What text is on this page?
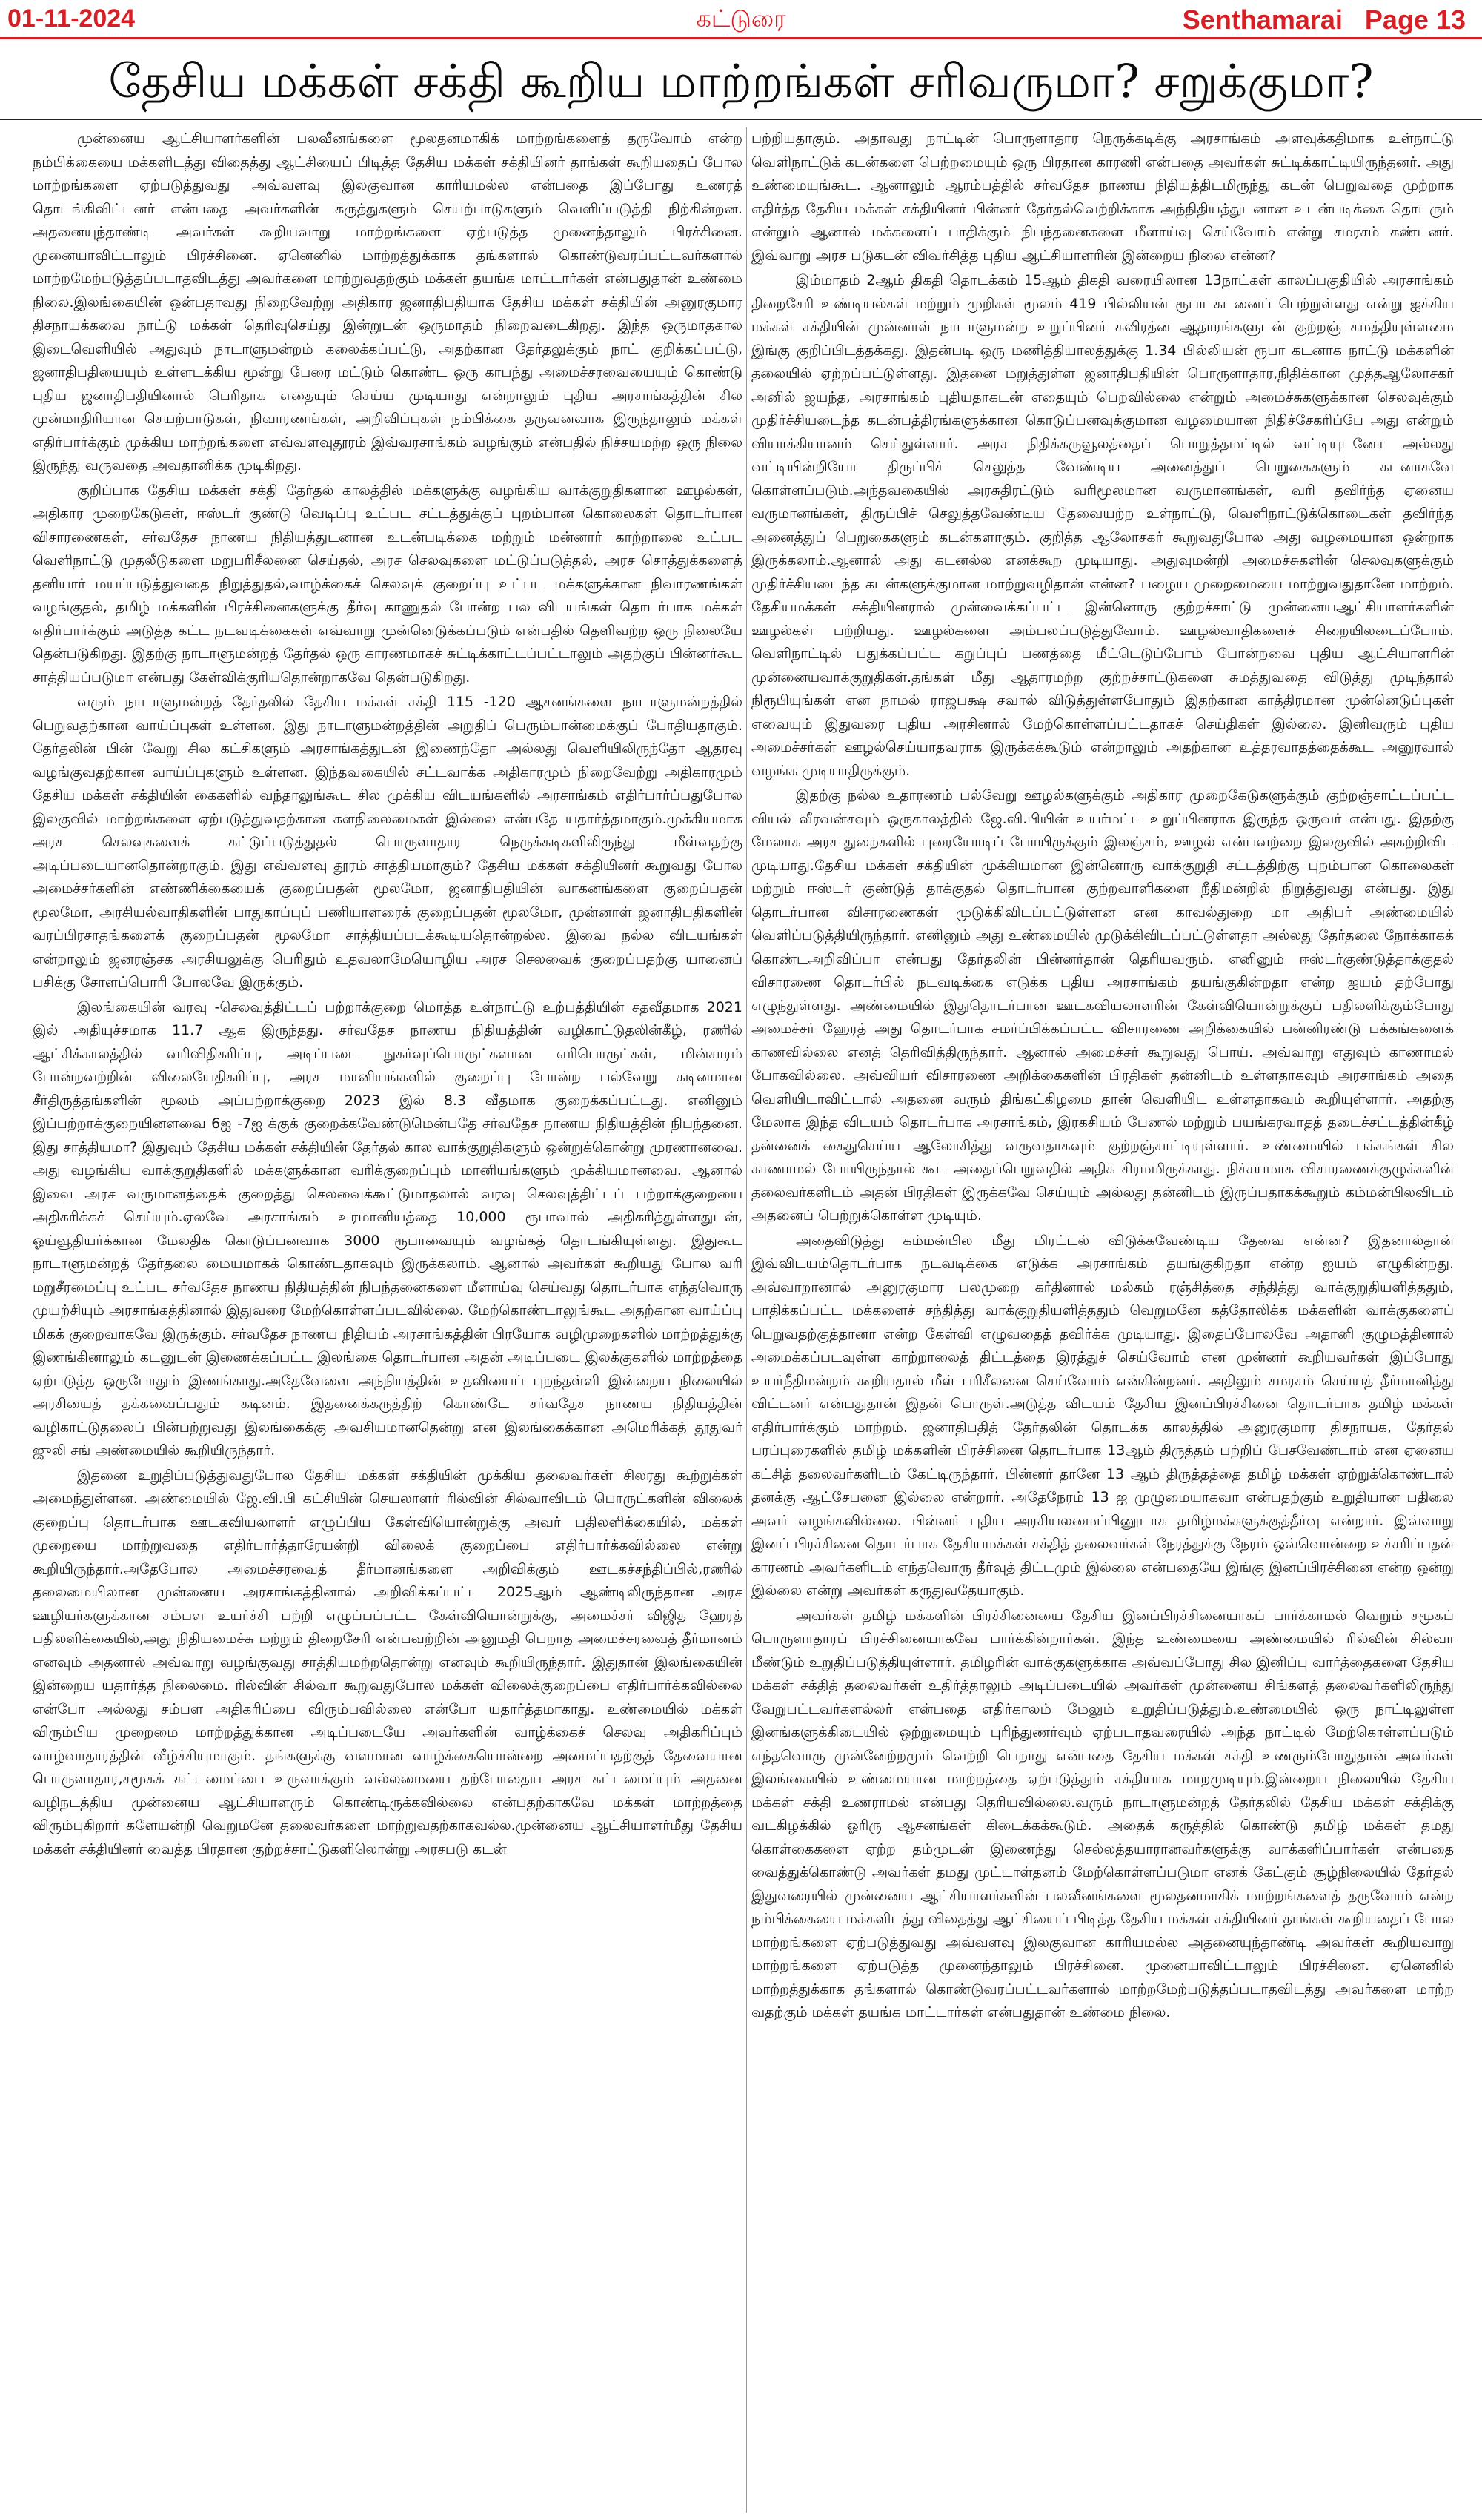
01-11-2024	கட்டுரை	Senthamarai Page 13
தேசிய மக்கள் சக்தி கூறிய மாற்றங்கள் சரிவருமா? சறுக்குமா?

முன்னைய ஆட்சியாளர்களின் பலவீனங்களை மூலதனமாகிக் மாற்றங்களைத் தருவோம் என்ற நம்பிக்கையை மக்களிடத்து விதைத்து ஆட்சியைப் பிடித்த தேசிய மக்கள் சக்தியினர் தாங்கள் கூறியதைப் போல மாற்றங்களை ஏற்படுத்துவது அவ்வளவு இலகுவான காரியமல்ல என்பதை இப்போது உணரத் தொடங்கிவிட்டனர் என்பதை அவர்களின் கருத்துகளும் செயற்பாடுகளும் வெளிப்படுத்தி நிற்கின்றன. அதனையுந்தாண்டி அவர்கள் கூறியவாறு மாற்றங்களை ஏற்படுத்த முனைந்தாலும் பிரச்சினை. முனையாவிட்டாலும் பிரச்சினை. ஏனெனில் மாற்றத்துக்காக தங்களால் கொண்டுவரப்பட்டவர்களால் மாற்றமேற்படுத்தப்படாதவிடத்து அவர்களை மாற்றுவதற்கும் மக்கள் தயங்க மாட்டார்கள் என்பதுதான் உண்மை நிலை.இலங்கையின் ஒன்பதாவது நிறைவேற்று அதிகார ஜனாதிபதியாக தேசிய மக்கள் சக்தியின் அனுரகுமார திசநாயக்கவை நாட்டு மக்கள் தெரிவுசெய்து இன்றுடன் ஒருமாதம் நிறைவடைகிறது. இந்த ஒருமாதகால இடைவெளியில் அதுவும் நாடாளுமன்றம் கலைக்கப்பட்டு, அதற்கான தேர்தலுக்கும் நாட் குறிக்கப்பட்டு, ஜனாதிபதியையும் உள்ளடக்கிய மூன்று பேரை மட்டும் கொண்ட ஒரு காபந்து அமைச்சரவையையும் கொண்டு புதிய ஜனாதிபதியினால் பெரிதாக எதையும் செய்ய முடியாது என்றாலும் புதிய அரசாங்கத்தின் சில முன்மாதிரியான செயற்பாடுகள், நிவாரணங்கள், அறிவிப்புகள் நம்பிக்கை தருவனவாக இருந்தாலும் மக்கள் எதிர்பார்க்கும் முக்கிய மாற்றங்களை எவ்வளவுதூரம் இவ்வரசாங்கம் வழங்கும் என்பதில் நிச்சயமற்ற ஒரு நிலை இருந்து வருவதை அவதானிக்க முடிகிறது.

குறிப்பாக தேசிய மக்கள் சக்தி தேர்தல் காலத்தில் மக்களுக்கு வழங்கிய வாக்குறுதிகளான ஊழல்கள், அதிகார முறைகேடுகள், ஈஸ்டர் குண்டு வெடிப்பு உட்பட சட்டத்துக்குப் புறம்பான கொலைகள் தொடர்பான விசாரணைகள், சர்வதேச நாணய நிதியத்துடனான உடன்படிக்கை மற்றும் மன்னார் காற்றாலை உட்பட வெளிநாட்டு முதலீடுகளை மறுபரிசீலனை செய்தல், அரச செலவுகளை மட்டுப்படுத்தல், அரச சொத்துக்களைத் தனியார் மயப்படுத்துவதை நிறுத்துதல்,வாழ்க்கைச் செலவுக் குறைப்பு உட்பட மக்களுக்கான நிவாரணங்கள் வழங்குதல், தமிழ் மக்களின் பிரச்சினைகளுக்கு தீர்வு காணுதல் போன்ற பல விடயங்கள் தொடர்பாக மக்கள் எதிர்பார்க்கும் அடுத்த கட்ட நடவடிக்கைகள் எவ்வாறு முன்னெடுக்கப்படும் என்பதில் தெளிவற்ற ஒரு நிலையே தென்படுகிறது. இதற்கு நாடாளுமன்றத் தேர்தல் ஒரு காரணமாகச் சுட்டிக்காட்டப்பட்டாலும் அதற்குப் பின்னர்கூட சாத்தியப்படுமா என்பது கேள்விக்குரியதொன்றாகவே தென்படுகிறது.

வரும் நாடாளுமன்றத் தேர்தலில் தேசிய மக்கள் சக்தி 115 -120 ஆசனங்களை நாடாளுமன்றத்தில் பெறுவதற்கான வாய்ப்புகள் உள்ளன. இது நாடாளுமன்றத்தின் அறுதிப் பெரும்பான்மைக்குப் போதியதாகும். தேர்தலின் பின் வேறு சில கட்சிகளும் அரசாங்கத்துடன் இணைந்தோ அல்லது வெளியிலிருந்தோ ஆதரவு வழங்குவதற்கான வாய்ப்புகளும் உள்ளன. இந்தவகையில் சட்டவாக்க அதிகாரமும் நிறைவேற்று அதிகாரமும் தேசிய மக்கள் சக்தியின் கைகளில் வந்தாலுங்கூட சில முக்கிய விடயங்களில் அரசாங்கம் எதிர்பார்ப்பதுபோல இலகுவில் மாற்றங்களை ஏற்படுத்துவதற்கான களநிலைமைகள் இல்லை என்பதே யதார்த்தமாகும்.முக்கியமாக அரச செலவுகளைக் கட்டுப்படுத்துதல் பொருளாதார நெருக்கடிகளிலிருந்து மீள்வதற்கு அடிப்படையானதொன்றாகும். இது எவ்வளவு தூரம் சாத்தியமாகும்? தேசிய மக்கள் சக்தியினர் கூறுவது போல அமைச்சர்களின் எண்ணிக்கையைக் குறைப்பதன் மூலமோ, ஜனாதிபதியின் வாகனங்களை குறைப்பதன் மூலமோ, அரசியல்வாதிகளின் பாதுகாப்புப் பணியாளரைக் குறைப்பதன் மூலமோ, முன்னாள் ஜனாதிபதிகளின் வரப்பிரசாதங்களைக் குறைப்பதன் மூலமோ சாத்தியப்படக்கூடியதொன்றல்ல. இவை நல்ல விடயங்கள் என்றாலும் ஜனரஞ்சக அரசியலுக்கு பெரிதும் உதவலாமேயொழிய அரச செலவைக் குறைப்பதற்கு யானைப் பசிக்கு சோளப்பொரி போலவே இருக்கும்.

இலங்கையின் வரவு -செலவுத்திட்டப் பற்றாக்குறை மொத்த உள்நாட்டு உற்பத்தியின் சதவீதமாக 2021 இல் அதியுச்சமாக 11.7 ஆக இருந்தது. சர்வதேச நாணய நிதியத்தின் வழிகாட்டுதலின்கீழ், ரணில் ஆட்சிக்காலத்தில் வரிவிதிகரிப்பு, அடிப்படை நுகர்வுப்பொருட்களான எரிபொருட்கள், மின்சாரம் போன்றவற்றின் விலையேதிகரிப்பு, அரச மானியங்களில் குறைப்பு போன்ற பல்வேறு கடினமான சீர்திருத்தங்களின் மூலம் அப்பற்றாக்குறை 2023 இல் 8.3 வீதமாக குறைக்கப்பட்டது. எனினும் இப்பற்றாக்குறையினளவை 6ஐ -7ஐ க்குக் குறைக்கவேண்டுமென்பதே சர்வதேச நாணய நிதியத்தின் நிபந்தனை. இது சாத்தியமா? இதுவும் தேசிய மக்கள் சக்தியின் தேர்தல் கால வாக்குறுதிகளும் ஒன்றுக்கொன்று முரணானவை. அது வழங்கிய வாக்குறுதிகளில் மக்களுக்கான வரிக்குறைப்பும் மானியங்களும் முக்கியமானவை. ஆனால் இவை அரச வருமானத்தைக் குறைத்து செலவைக்கூட்டுமாதலால் வரவு செலவுத்திட்டப் பற்றாக்குறையை அதிகரிக்கச் செய்யும்.ஏலவே அரசாங்கம் உரமானியத்தை 10,000 ரூபாவால் அதிகரித்துள்ளதுடன், ஓய்வூதியர்க்கான மேலதிக கொடுப்பனவாக 3000 ரூபாவையும் வழங்கத் தொடங்கியுள்ளது. இதுகூட நாடாளுமன்றத் தேர்தலை மையமாகக் கொண்டதாகவும் இருக்கலாம். ஆனால் அவர்கள் கூறியது போல வரி மறுசீரமைப்பு உட்பட சர்வதேச நாணய நிதியத்தின் நிபந்தனைகளை மீளாய்வு செய்வது தொடர்பாக எந்தவொரு முயற்சியும் அரசாங்கத்தினால் இதுவரை மேற்கொள்ளப்படவில்லை. மேற்கொண்டாலுங்கூட அதற்கான வாய்ப்பு மிகக் குறைவாகவே இருக்கும். சர்வதேச நாணய நிதியம் அரசாங்கத்தின் பிரயோக வழிமுறைகளில் மாற்றத்துக்கு இணங்கினாலும் கடனுடன் இணைக்கப்பட்ட இலங்கை தொடர்பான அதன் அடிப்படை இலக்குகளில் மாற்றத்தை ஏற்படுத்த ஒருபோதும் இணங்காது.அதேவேளை அந்நியத்தின் உதவியைப் புறந்தள்ளி இன்றைய நிலையில் அரசியைத் தக்கவைப்பதும் கடினம். இதனைக்கருத்திற் கொண்டே சர்வதேச நாணய நிதியத்தின் வழிகாட்டுதலைப் பின்பற்றுவது இலங்கைக்கு அவசியமானதென்று என இலங்கைக்கான அமெரிக்கத் தூதுவர் ஜுலி சங் அண்மையில் கூறியிருந்தார்.

இதனை உறுதிப்படுத்துவதுபோல தேசிய மக்கள் சக்தியின் முக்கிய தலைவர்கள் சிலரது கூற்றுக்கள் அமைந்துள்ளன. அண்மையில் ஜே.வி.பி கட்சியின் செயலாளர் ரில்வின் சில்வாவிடம் பொருட்களின் விலைக் குறைப்பு தொடர்பாக ஊடகவியலாளர் எழுப்பிய கேள்வியொன்றுக்கு அவர் பதிலளிக்கையில், மக்கள் முறையை மாற்றுவதை எதிர்பார்த்தாரேயன்றி விலைக் குறைப்பை எதிர்பார்க்கவில்லை என்று கூறியிருந்தார்.அதேபோல அமைச்சரவைத் தீர்மானங்களை அறிவிக்கும் ஊடகச்சந்திப்பில்,ரணில் தலைமையிலான முன்னைய அரசாங்கத்தினால் அறிவிக்கப்பட்ட 2025ஆம் ஆண்டிலிருந்தான அரச ஊழியர்களுக்கான சம்பள உயர்ச்சி பற்றி எழுப்பப்பட்ட கேள்வியொன்றுக்கு, அமைச்சர் விஜித ஹேரத் பதிலளிக்கையில்,அது நிதியமைச்சு மற்றும் திறைசேரி என்பவற்றின் அனுமதி பெறாத அமைச்சரவைத் தீர்மானம் எனவும் அதனால் அவ்வாறு வழங்குவது சாத்தியமற்றதொன்று எனவும் கூறியிருந்தார். இதுதான் இலங்கையின் இன்றைய யதார்த்த நிலைமை. ரில்வின் சில்வா கூறுவதுபோல மக்கள் விலைக்குறைப்பை எதிர்பார்க்கவில்லை என்போ அல்லது சம்பள அதிகரிப்பை விரும்பவில்லை என்போ யதார்த்தமாகாது. உண்மையில் மக்கள் விரும்பிய முறைமை மாற்றத்துக்கான அடிப்படையே அவர்களின் வாழ்க்கைச் செலவு அதிகரிப்பும் வாழ்வாதாரத்தின் வீழ்ச்சியுமாகும். தங்களுக்கு வளமான வாழ்க்கையொன்றை அமைப்பதற்குத் தேவையான பொருளாதார,சமூகக் கட்டமைப்பை உருவாக்கும் வல்லமையை தற்போதைய அரச கட்டமைப்பும் அதனை வழிநடத்திய முன்னைய ஆட்சியாளரும் கொண்டிருக்கவில்லை என்பதற்காகவே மக்கள் மாற்றத்தை விரும்புகிறார் களேயன்றி வெறுமனே தலைவர்களை மாற்றுவதற்காகவல்ல.முன்னைய ஆட்சியாளர்மீது தேசிய மக்கள் சக்தியினர் வைத்த பிரதான குற்றச்சாட்டுகளிலொன்று அரசபடு கடன்

பற்றியதாகும். அதாவது நாட்டின் பொருளாதார நெருக்கடிக்கு அரசாங்கம் அளவுக்கதிமாக உள்நாட்டு வெளிநாட்டுக் கடன்களை பெற்றமையும் ஒரு பிரதான காரணி என்பதை அவர்கள் சுட்டிக்காட்டியிருந்தனர். அது உண்மையுங்கூட. ஆனாலும் ஆரம்பத்தில் சர்வதேச நாணய நிதியத்திடமிருந்து கடன் பெறுவதை முற்றாக எதிர்த்த தேசிய மக்கள் சக்தியினர் பின்னர் தேர்தல்வெற்றிக்காக அந்நிதியத்துடனான உடன்படிக்கை தொடரும் என்றும் ஆனால் மக்களைப் பாதிக்கும் நிபந்தனைகளை மீளாய்வு செய்வோம் என்று சமரசம் கண்டனர். இவ்வாறு அரச படுகடன் விவர்சித்த புதிய ஆட்சியாளரின் இன்றைய நிலை என்ன?

இம்மாதம் 2ஆம் திகதி தொடக்கம் 15ஆம் திகதி வரையிலான 13நாட்கள் காலப்பகுதியில் அரசாங்கம் திறைசேரி உண்டியல்கள் மற்றும் முறிகள் மூலம் 419 பில்லியன் ரூபா கடனைப் பெற்றுள்ளது என்று ஐக்கிய மக்கள் சக்தியின் முன்னாள் நாடாளுமன்ற உறுப்பினர் கவிரத்ன ஆதாரங்களுடன் குற்றஞ் சுமத்தியுள்ளமை இங்கு குறிப்பிடத்தக்கது. இதன்படி ஒரு மணித்தியாலத்துக்கு 1.34 பில்லியன் ரூபா கடனாக நாட்டு மக்களின் தலையில் ஏற்றப்பட்டுள்ளது. இதனை மறுத்துள்ள ஜனாதிபதியின் பொருளாதார,நிதிக்கான முத்தஆலோசகர் அனில் ஜயந்த, அரசாங்கம் புதியதாகடன் எதையும் பெறவில்லை என்றும் அமைச்சுகளுக்கான செலவுக்கும் முதிர்ச்சியடைந்த கடன்பத்திரங்களுக்கான கொடுப்பனவுக்குமான வழமையான நிதிச்சேகரிப்பே அது என்றும் வியாக்கியானம் செய்துள்ளார். அரச நிதிக்கருவூலத்தைப் பொறுத்தமட்டில் வட்டியுடனோ அல்லது வட்டியின்றியோ திருப்பிச் செலுத்த வேண்டிய அனைத்துப் பெறுகைகளும் கடனாகவே கொள்ளப்படும்.அந்தவகையில் அரசுதிரட்டும் வரிமூலமான வருமானங்கள், வரி தவிர்ந்த ஏனைய வருமானங்கள், திருப்பிச் செலுத்தவேண்டிய தேவையற்ற உள்நாட்டு, வெளிநாட்டுக்கொடைகள் தவிர்ந்த அனைத்துப் பெறுகைகளும் கடன்களாகும். குறித்த ஆலோசகர் கூறுவதுபோல அது வழமையான ஒன்றாக இருக்கலாம்.ஆனால் அது கடனல்ல எனக்கூற முடியாது. அதுவுமன்றி அமைச்சுகளின் செலவுகளுக்கும் முதிர்ச்சியடைந்த கடன்களுக்குமான மாற்றுவழிதான் என்ன? பழைய முறைமையை மாற்றுவதுதானே மாற்றம். தேசியமக்கள் சக்தியினரால் முன்வைக்கப்பட்ட இன்னொரு குற்றச்சாட்டு முன்னையஆட்சியாளர்களின் ஊழல்கள் பற்றியது. ஊழல்களை அம்பலப்படுத்துவோம். ஊழல்வாதிகளைச் சிறையிலடைப்போம். வெளிநாட்டில் பதுக்கப்பட்ட கறுப்புப் பணத்தை மீட்டெடுப்போம் போன்றவை புதிய ஆட்சியாளரின் முன்னையவாக்குறுதிகள்.தங்கள் மீது ஆதாரமற்ற குற்றச்சாட்டுகளை சுமத்துவதை விடுத்து முடிந்தால் நிரூபியுங்கள் என நாமல் ராஜபக்ஷ சவால் விடுத்துள்ளபோதும் இதற்கான காத்திரமான முன்னெடுப்புகள் எவையும் இதுவரை புதிய அரசினால் மேற்கொள்ளப்பட்டதாகச் செய்திகள் இல்லை. இனிவரும் புதிய அமைச்சர்கள் ஊழல்செய்யாதவராக இருக்கக்கூடும் என்றாலும் அதற்கான உத்தரவாதத்தைக்கூட அனுரவால் வழங்க முடியாதிருக்கும்.

இதற்கு நல்ல உதாரணம் பல்வேறு ஊழல்களுக்கும் அதிகார முறைகேடுகளுக்கும் குற்றஞ்சாட்டப்பட்ட வியல் வீரவன்சவும் ஒருகாலத்தில் ஜே.வி.பியின் உயர்மட்ட உறுப்பினராக இருந்த ஒருவர் என்பது. இதற்கு மேலாக அரச துறைகளில் புரையோடிப் போயிருக்கும் இலஞ்சம், ஊழல் என்பவற்றை இலகுவில் அகற்றிவிட முடியாது.தேசிய மக்கள் சக்தியின் முக்கியமான இன்னொரு வாக்குறுதி சட்டத்திற்கு புறம்பான கொலைகள் மற்றும் ஈஸ்டர் குண்டுத் தாக்குதல் தொடர்பான குற்றவாளிகளை நீதிமன்றில் நிறுத்துவது என்பது. இது தொடர்பான விசாரணைகள் முடுக்கிவிடப்பட்டுள்ளன என காவல்துறை மா அதிபர் அண்மையில் வெளிப்படுத்தியிருந்தார். எனினும் அது உண்மையில் முடுக்கிவிடப்பட்டுள்ளதா அல்லது தேர்தலை நோக்காகக் கொண்டஅறிவிப்பா என்பது தேர்தலின் பின்னர்தான் தெரியவரும். எனினும் ஈஸ்டர்குண்டுத்தாக்குதல் விசாரணை தொடர்பில் நடவடிக்கை எடுக்க புதிய அரசாங்கம் தயங்குகின்றதா என்ற ஐயம் தற்போது எழுந்துள்ளது. அண்மையில் இதுதொடர்பான ஊடகவியலாளரின் கேள்வியொன்றுக்குப் பதிலளிக்கும்போது அமைச்சர் ஹேரத் அது தொடர்பாக சமர்ப்பிக்கப்பட்ட விசாரணை அறிக்கையில் பன்னிரண்டு பக்கங்களைக் காணவில்லை எனத் தெரிவித்திருந்தார். ஆனால் அமைச்சர் கூறுவது பொய். அவ்வாறு எதுவும் காணாமல் போகவில்லை. அவ்வியர் விசாரணை அறிக்கைகளின் பிரதிகள் தன்னிடம் உள்ளதாகவும் அரசாங்கம் அதை வெளியிடாவிட்டால் அதனை வரும் திங்கட்கிழமை தான் வெளியிட உள்ளதாகவும் கூறியுள்ளார். அதற்கு மேலாக இந்த விடயம் தொடர்பாக அரசாங்கம், இரகசியம் பேணல் மற்றும் பயங்கரவாதத் தடைச்சட்டத்தின்கீழ் தன்னைக் கைதுசெய்ய ஆலோசித்து வருவதாகவும் குற்றஞ்சாட்டியுள்ளார். உண்மையில் பக்கங்கள் சில காணாமல் போயிருந்தால் கூட அதைப்பெறுவதில் அதிக சிரமமிருக்காது. நிச்சயமாக விசாரணைக்குழுக்களின் தலைவர்களிடம் அதன் பிரதிகள் இருக்கவே செய்யும் அல்லது தன்னிடம் இருப்பதாகக்கூறும் கம்மன்பிலவிடம் அதனைப் பெற்றுக்கொள்ள முடியும்.

அதைவிடுத்து கம்மன்பில மீது மிரட்டல் விடுக்கவேண்டிய தேவை என்ன? இதனால்தான் இவ்விடயம்தொடர்பாக நடவடிக்கை எடுக்க அரசாங்கம் தயங்குகிறதா என்ற ஐயம் எழுகின்றது. அவ்வாறானால் அனுரகுமார பலமுறை கர்தினால் மல்கம் ரஞ்சித்தை சந்தித்து வாக்குறுதியளித்ததும், பாதிக்கப்பட்ட மக்களைச் சந்தித்து வாக்குறுதியளித்ததும் வெறுமனே கத்தோலிக்க மக்களின் வாக்குகளைப் பெறுவதற்குத்தானா என்ற கேள்வி எழுவதைத் தவிர்க்க முடியாது. இதைப்போலவே அதானி குழுமத்தினால் அமைக்கப்படவுள்ள காற்றாலைத் திட்டத்தை இரத்துச் செய்வோம் என முன்னர் கூறியவர்கள் இப்போது உயர்நீதிமன்றம் கூறியதால் மீள் பரிசீலனை செய்வோம் என்கின்றனர். அதிலும் சமரசம் செய்யத் தீர்மானித்து விட்டனர் என்பதுதான் இதன் பொருள்.அடுத்த விடயம் தேசிய இனப்பிரச்சினை தொடர்பாக தமிழ் மக்கள் எதிர்பார்க்கும் மாற்றம். ஜனாதிபதித் தேர்தலின் தொடக்க காலத்தில் அனுரகுமார திசநாயக, தேர்தல் பரப்புரைகளில் தமிழ் மக்களின் பிரச்சினை தொடர்பாக 13ஆம் திருத்தம் பற்றிப் பேசவேண்டாம் என ஏனைய கட்சித் தலைவர்களிடம் கேட்டிருந்தார். பின்னர் தானே 13 ஆம் திருத்தத்தை தமிழ் மக்கள் ஏற்றுக்கொண்டால் தனக்கு ஆட்சேபனை இல்லை என்றார். அதேநேரம் 13 ஐ முழுமையாகவா என்பதற்கும் உறுதியான பதிலை அவர் வழங்கவில்லை. பின்னர் புதிய அரசியலமைப்பினூடாக தமிழ்மக்களுக்குத்தீர்வு என்றார். இவ்வாறு இனப் பிரச்சினை தொடர்பாக தேசியமக்கள் சக்தித் தலைவர்கள் நேரத்துக்கு நேரம் ஒவ்வொன்றை உச்சரிப்பதன் காரணம் அவர்களிடம் எந்தவொரு தீர்வுத் திட்டமும் இல்லை என்பதையே இங்கு இனப்பிரச்சினை என்ற ஒன்று இல்லை என்று அவர்கள் கருதுவதேயாகும்.

அவர்கள் தமிழ் மக்களின் பிரச்சினையை தேசிய இனப்பிரச்சினையாகப் பார்க்காமல் வெறும் சமூகப் பொருளாதாரப் பிரச்சினையாகவே பார்க்கின்றார்கள். இந்த உண்மையை அண்மையில் ரில்வின் சில்வா மீண்டும் உறுதிப்படுத்தியுள்ளார். தமிழரின் வாக்குகளுக்காக அவ்வப்போது சில இனிப்பு வார்த்தைகளை தேசிய மக்கள் சக்தித் தலைவர்கள் உதிர்த்தாலும் அடிப்படையில் அவர்கள் முன்னைய சிங்களத் தலைவர்களிலிருந்து வேறுபட்டவர்களல்லர் என்பதை எதிர்காலம் மேலும் உறுதிப்படுத்தும்.உண்மையில் ஒரு நாட்டிலுள்ள இனங்களுக்கிடையில் ஒற்றுமையும் புரிந்துணர்வும் ஏற்படாதவரையில் அந்த நாட்டில் மேற்கொள்ளப்படும் எந்தவொரு முன்னேற்றமும் வெற்றி பெறாது என்பதை தேசிய மக்கள் சக்தி உணரும்போதுதான் அவர்கள் இலங்கையில் உண்மையான மாற்றத்தை ஏற்படுத்தும் சக்தியாக மாறமுடியும்.இன்றைய நிலையில் தேசிய மக்கள் சக்தி உணராமல் என்பது தெரியவில்லை.வரும் நாடாளுமன்றத் தேர்தலில் தேசிய மக்கள் சக்திக்கு வடகிழக்கில் ஓரிரு ஆசனங்கள் கிடைக்கக்கூடும். அதைக் கருத்தில் கொண்டு தமிழ் மக்கள் தமது கொள்கைகளை ஏற்ற தம்முடன் இணைந்து செல்லத்தயாரானவர்களுக்கு வாக்களிப்பார்கள் என்பதை வைத்துக்கொண்டு அவர்கள் தமது முட்டாள்தனம் மேற்கொள்ளப்படுமா எனக் கேட்கும் சூழ்நிலையில் தேர்தல் இதுவரையில் முன்னைய ஆட்சியாளர்களின் பலவீனங்களை மூலதனமாகிக் மாற்றங்களைத் தருவோம் என்ற நம்பிக்கையை மக்களிடத்து விதைத்து ஆட்சியைப் பிடித்த தேசிய மக்கள் சக்தியினர் தாங்கள் கூறியதைப் போல மாற்றங்களை ஏற்படுத்துவது அவ்வளவு இலகுவான காரியமல்ல அதனையுந்தாண்டி அவர்கள் கூறியவாறு மாற்றங்களை ஏற்படுத்த முனைந்தாலும் பிரச்சினை. முனையாவிட்டாலும் பிரச்சினை. ஏனெனில் மாற்றத்துக்காக தங்களால் கொண்டுவரப்பட்டவர்களால் மாற்றமேற்படுத்தப்படாதவிடத்து அவர்களை மாற்ற வதற்கும் மக்கள் தயங்க மாட்டார்கள் என்பதுதான் உண்மை நிலை.
